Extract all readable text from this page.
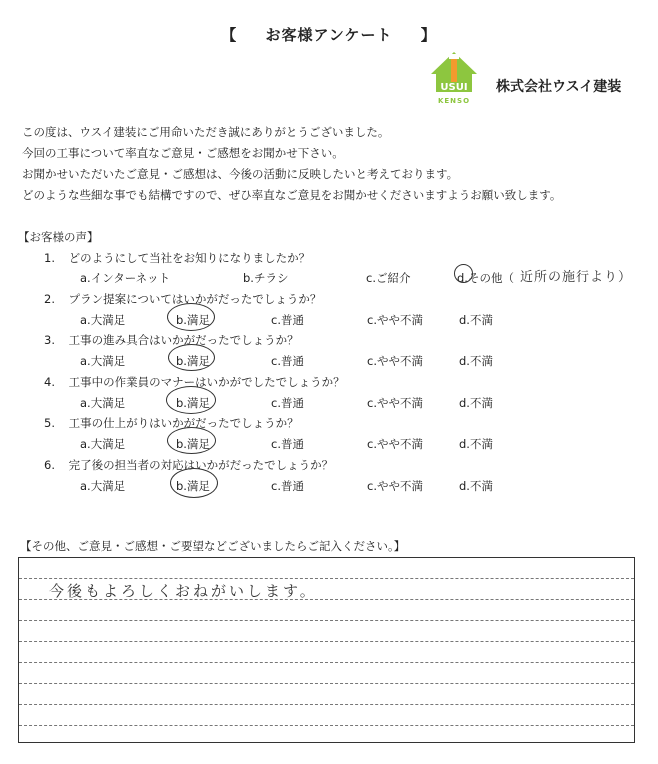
【 お客様アンケート 】
USUI
KENSO
株式会社ウスイ建装
この度は、ウスイ建装にご用命いただき誠にありがとうございました。
今回の工事について率直なご意見・ご感想をお聞かせ下さい。
お聞かせいただいたご意見・ご感想は、今後の活動に反映したいと考えております。
どのような些細な事でも結構ですので、ぜひ率直なご意見をお聞かせくださいますようお願い致します。
【お客様の声】
1. どのようにして当社をお知りになりましたか？
a.インターネット	b.チラシ	c.ご紹介	d.その他（ 近所の施行より）
2. プラン提案についてはいかがだったでしょうか？
a.大満足	b.満足	c.普通	c.やや不満	d.不満
3. 工事の進み具合はいかがだったでしょうか？
a.大満足	b.満足	c.普通	c.やや不満	d.不満
4. 工事中の作業員のマナーはいかがでしたでしょうか？
a.大満足	b.満足	c.普通	c.やや不満	d.不満
5. 工事の仕上がりはいかがだったでしょうか？
a.大満足	b.満足	c.普通	c.やや不満	d.不満
6. 完了後の担当者の対応はいかがだったでしょうか？
a.大満足	b.満足	c.普通	c.やや不満	d.不満
【その他、ご意見・ご感想・ご要望などございましたらご記入ください。】
今後もよろしくおねがいします。
